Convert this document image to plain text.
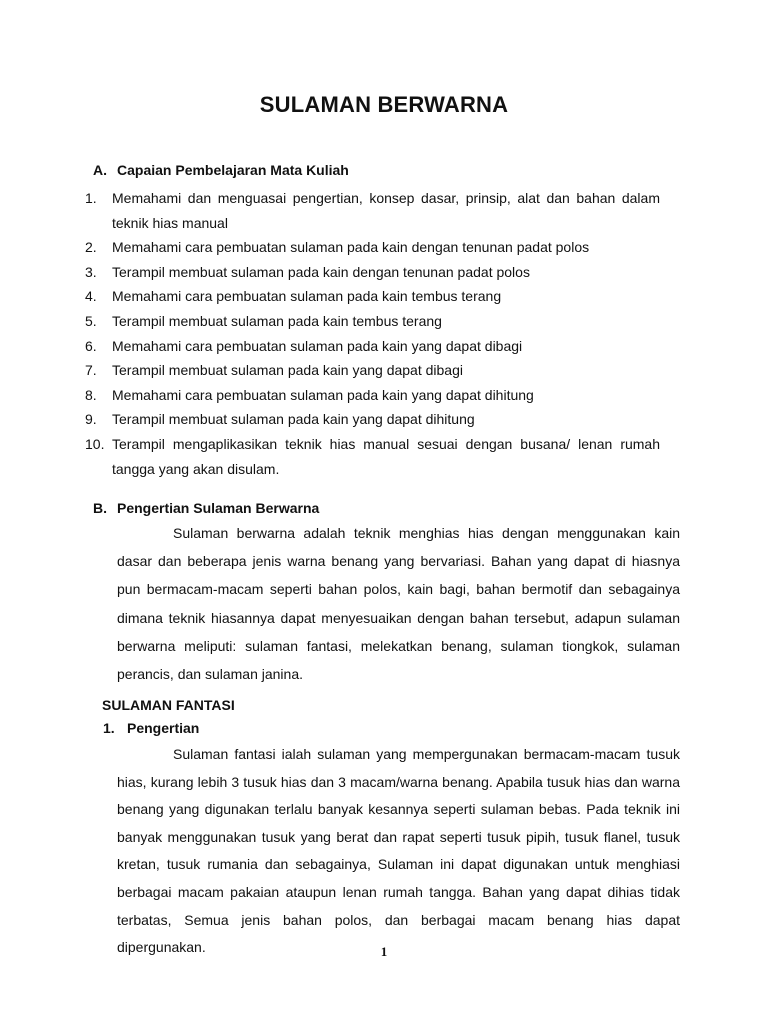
SULAMAN BERWARNA
A. Capaian Pembelajaran Mata Kuliah
1.	Memahami dan menguasai pengertian, konsep dasar, prinsip, alat dan bahan dalam teknik hias manual
2.	Memahami cara pembuatan sulaman pada kain dengan tenunan padat polos
3.	Terampil membuat sulaman pada kain dengan tenunan padat polos
4.	Memahami cara pembuatan sulaman pada kain tembus terang
5.	Terampil membuat sulaman pada kain tembus terang
6.	Memahami cara pembuatan sulaman pada kain yang dapat dibagi
7.	Terampil membuat sulaman pada kain yang dapat dibagi
8.	Memahami cara pembuatan sulaman pada kain yang dapat dihitung
9.	Terampil membuat sulaman pada kain yang dapat dihitung
10. Terampil mengaplikasikan teknik hias manual sesuai dengan busana/ lenan rumah tangga yang akan disulam.
B. Pengertian Sulaman Berwarna

Sulaman berwarna adalah teknik menghias hias dengan menggunakan kain dasar dan beberapa jenis warna benang yang bervariasi. Bahan yang dapat di hiasnya pun bermacam-macam seperti bahan polos, kain bagi, bahan bermotif dan sebagainya dimana teknik hiasannya dapat menyesuaikan dengan bahan tersebut, adapun sulaman berwarna meliputi: sulaman fantasi, melekatkan benang, sulaman tiongkok, sulaman perancis, dan sulaman janina.

SULAMAN FANTASI
1. Pengertian

Sulaman fantasi ialah sulaman yang mempergunakan bermacam-macam tusuk hias, kurang lebih 3 tusuk hias dan 3 macam/warna benang. Apabila tusuk hias dan warna benang yang digunakan terlalu banyak kesannya seperti sulaman bebas. Pada teknik ini banyak menggunakan tusuk yang berat dan rapat seperti tusuk pipih, tusuk flanel, tusuk kretan, tusuk rumania dan sebagainya, Sulaman ini dapat digunakan untuk menghiasi berbagai macam pakaian ataupun lenan rumah tangga. Bahan yang dapat dihias tidak terbatas, Semua jenis bahan polos, dan berbagai macam benang hias dapat dipergunakan.	1
